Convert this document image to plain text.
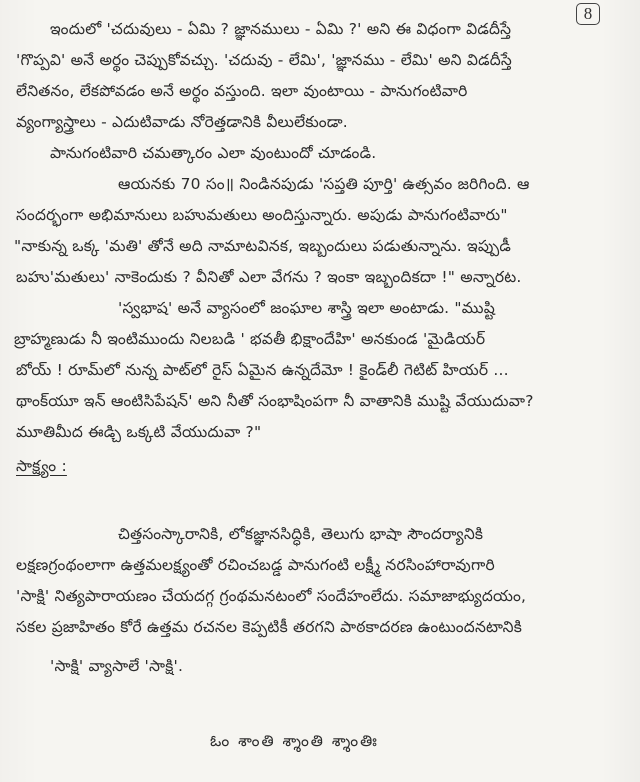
8
ఇందులో 'చదువులు - ఏమి ? జ్ఞానములు - ఏమి ?' అని ఈ విధంగా విడదీస్తే
'గొప్పవి' అనే అర్థం చెప్పుకోవచ్చు. 'చదువు - లేమి', 'జ్ఞానము - లేమి' అని విడదీస్తే
లేనితనం, లేకపోవడం అనే అర్థం వస్తుంది. ఇలా వుంటాయి - పానుగంటివారి
వ్యంగ్యాస్త్రాలు - ఎదుటివాడు నోరెత్తడానికి వీలులేకుండా.
పానుగంటివారి చమత్కారం ఎలా వుంటుందో చూడండి.
ఆయనకు 70 సం॥ నిండినపుడు 'సప్తతి పూర్తి' ఉత్సవం జరిగింది. ఆ
సందర్భంగా అభిమానులు బహుమతులు అందిస్తున్నారు. అపుడు పానుగంటివారు"
"నాకున్న ఒక్క 'మతి' తోనే అది నామాటవినక, ఇబ్బందులు పడుతున్నాను. ఇప్పుడీ
బహు'మతులు' నాకెందుకు ? వీనితో ఎలా వేగను ? ఇంకా ఇబ్బందికదా !" అన్నారట.
'స్వభాష' అనే వ్యాసంలో జంఘాల శాస్త్రి ఇలా అంటాడు. "ముష్టి
బ్రాహ్మణుడు నీ ఇంటిముందు నిలబడి ' భవతీ భిక్షాందేహి' అనకుండ 'మైడియర్
బోయ్ ! రూమ్‌లో నున్న పాట్‌లో రైస్ ఏమైన ఉన్నదేమో ! కైండ్‌లీ గెటిట్ హియర్ ...
థాంక్‌యూ ఇన్ ఆంటిసిపేషన్' అని నీతో సంభాషింపగా నీ వాతానికి ముష్టి వేయుదువా?
మూతిమీద ఈడ్చి ఒక్కటి వేయుదువా ?"
సాక్ష్యం :
చిత్తసంస్కారానికి, లోకజ్ఞానసిద్ధికి, తెలుగు భాషా సౌందర్యానికి
లక్షణగ్రంథంలాగా ఉత్తమలక్ష్యంతో రచించబడ్డ పానుగంటి లక్ష్మీ నరసింహారావుగారి
'సాక్షి' నిత్యపారాయణం చేయదగ్గ గ్రంథమనటంలో సందేహంలేదు. సమాజాభ్యుదయం,
సకల ప్రజాహితం కోరే ఉత్తమ రచనల కెప్పటికీ తరగని పాఠకాదరణ ఉంటుందనటానికి
'సాక్షి' వ్యాసాలే 'సాక్షి'.
ఓం శాంతి శ్శాంతి శ్శాంతిః
